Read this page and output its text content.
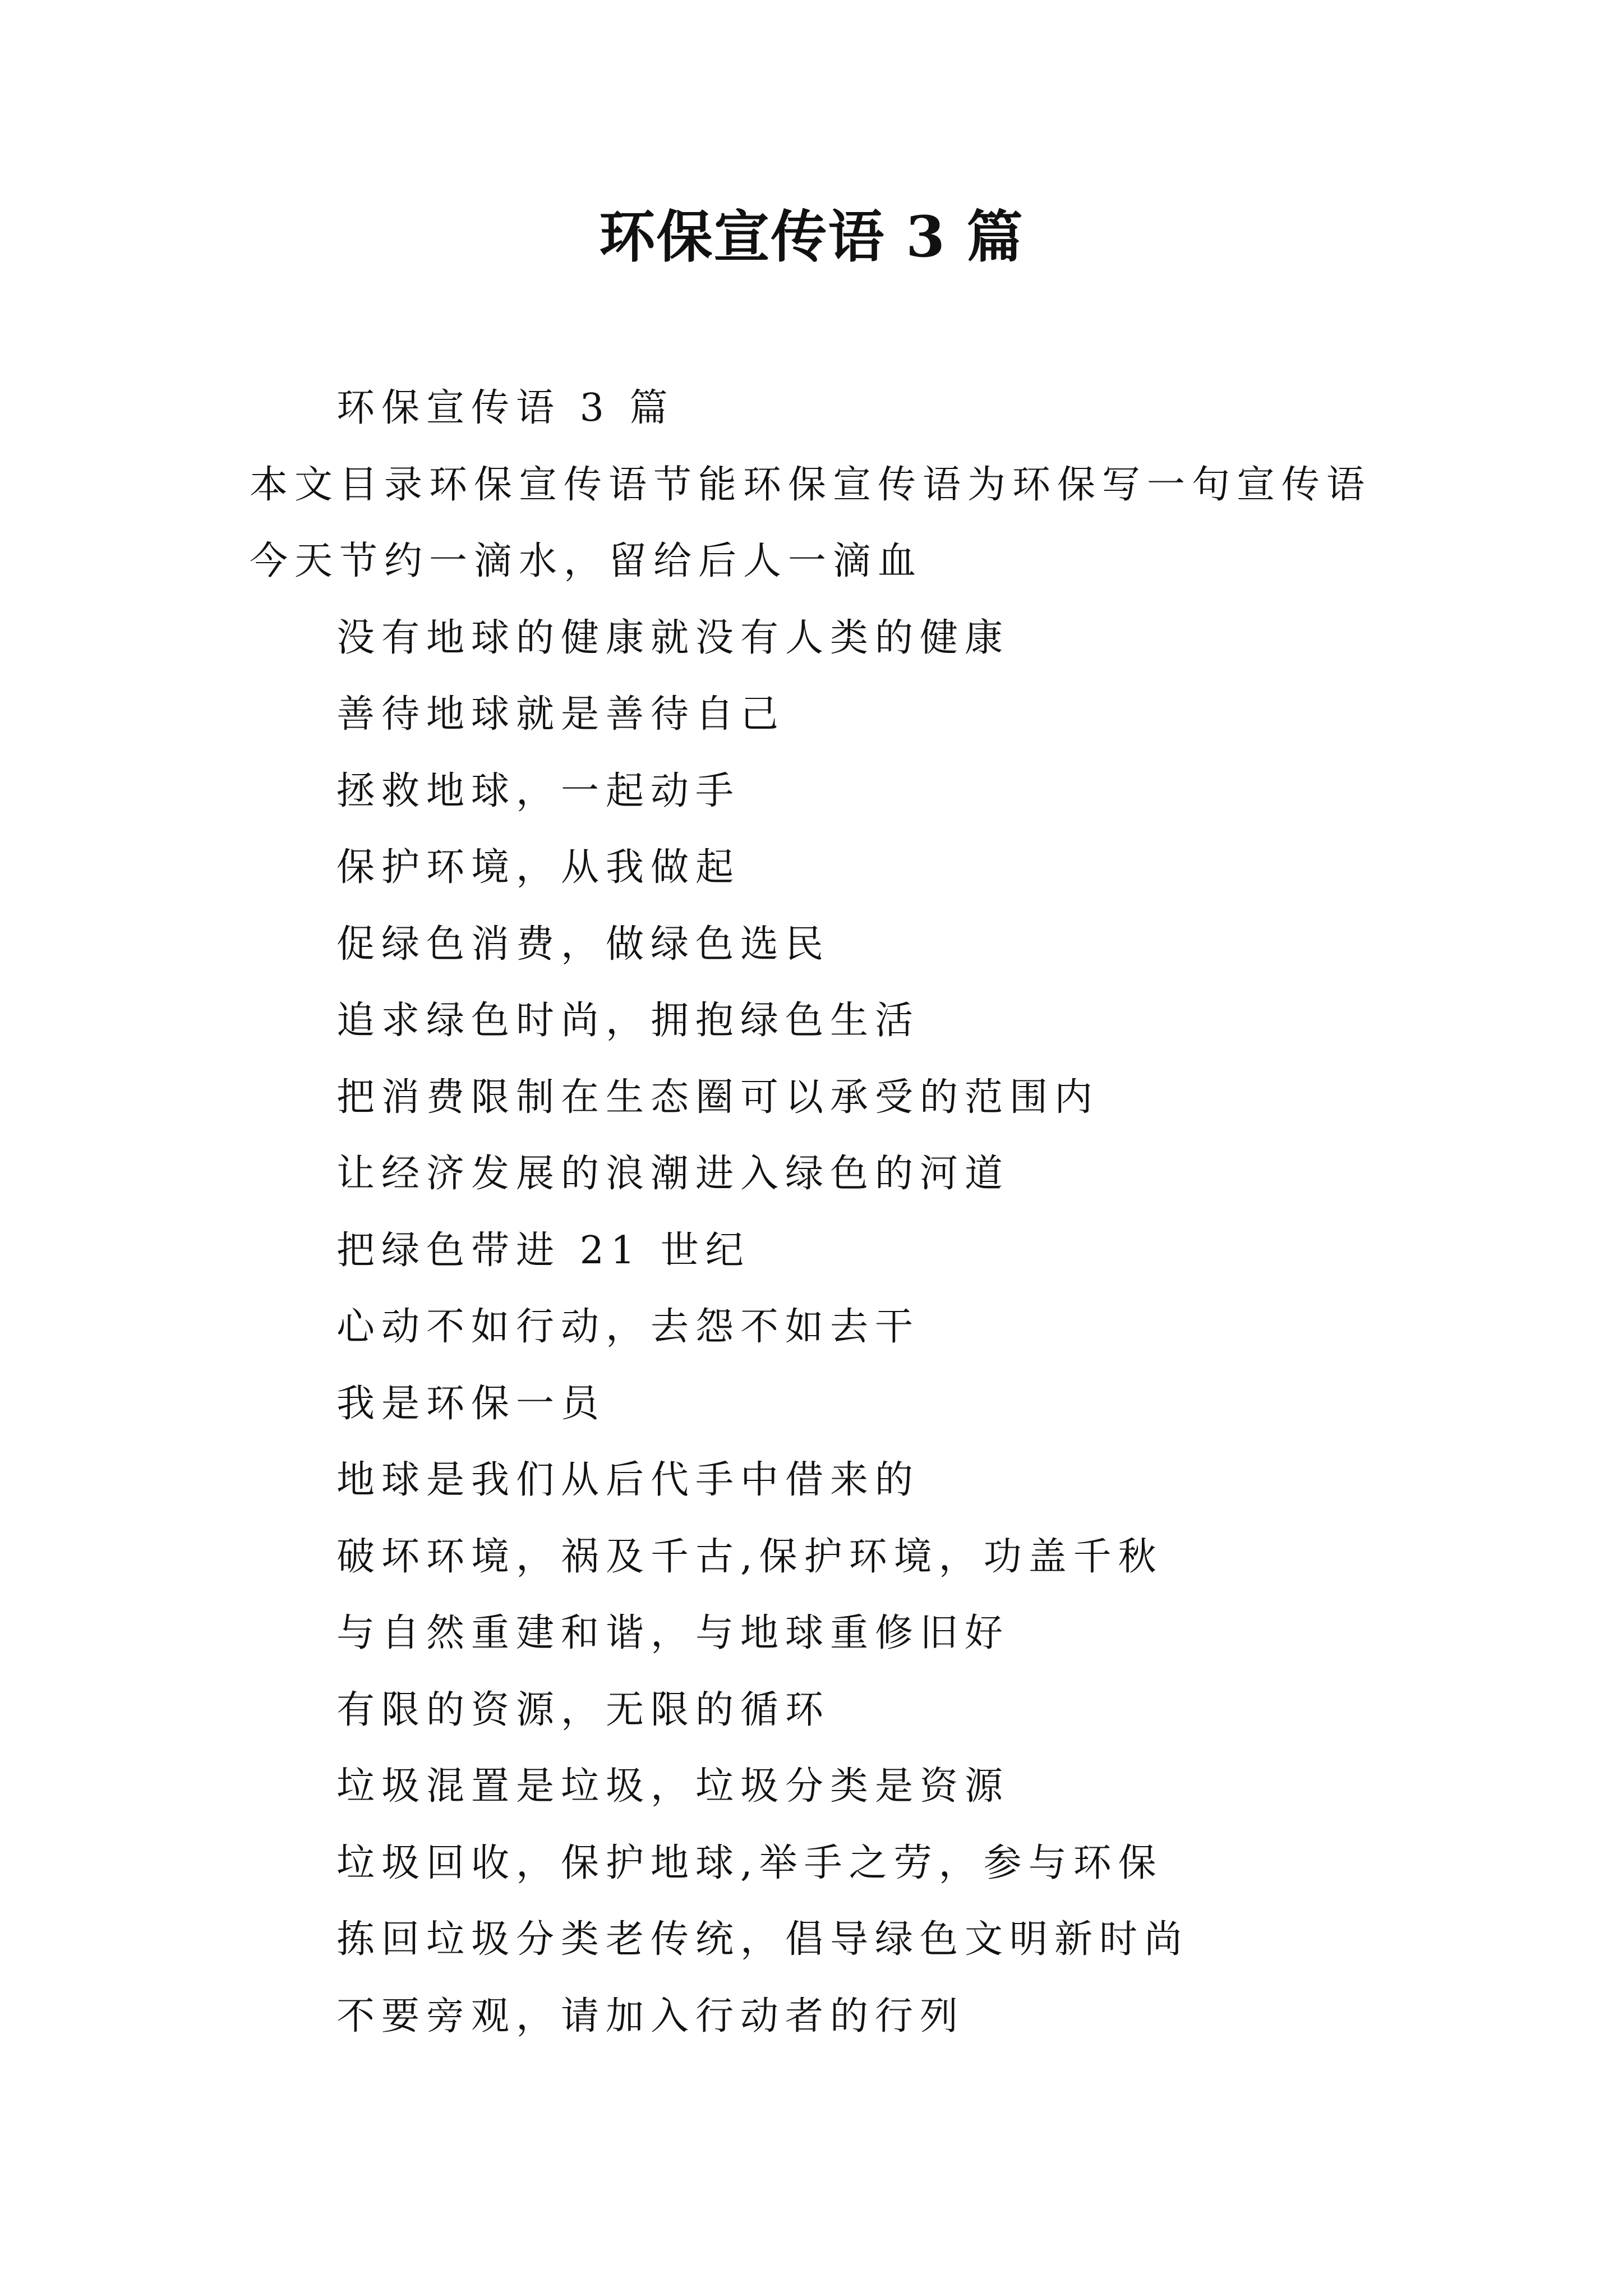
环保宣传语 3 篇
环保宣传语 3 篇
本文目录环保宣传语节能环保宣传语为环保写一句宣传语
今天节约一滴水，留给后人一滴血
没有地球的健康就没有人类的健康
善待地球就是善待自己
拯救地球，一起动手
保护环境，从我做起
促绿色消费，做绿色选民
追求绿色时尚，拥抱绿色生活
把消费限制在生态圈可以承受的范围内
让经济发展的浪潮进入绿色的河道
把绿色带进 21 世纪
心动不如行动，去怨不如去干
我是环保一员
地球是我们从后代手中借来的
破坏环境，祸及千古,保护环境，功盖千秋
与自然重建和谐，与地球重修旧好
有限的资源，无限的循环
垃圾混置是垃圾，垃圾分类是资源
垃圾回收，保护地球,举手之劳，参与环保
拣回垃圾分类老传统，倡导绿色文明新时尚
不要旁观，请加入行动者的行列
